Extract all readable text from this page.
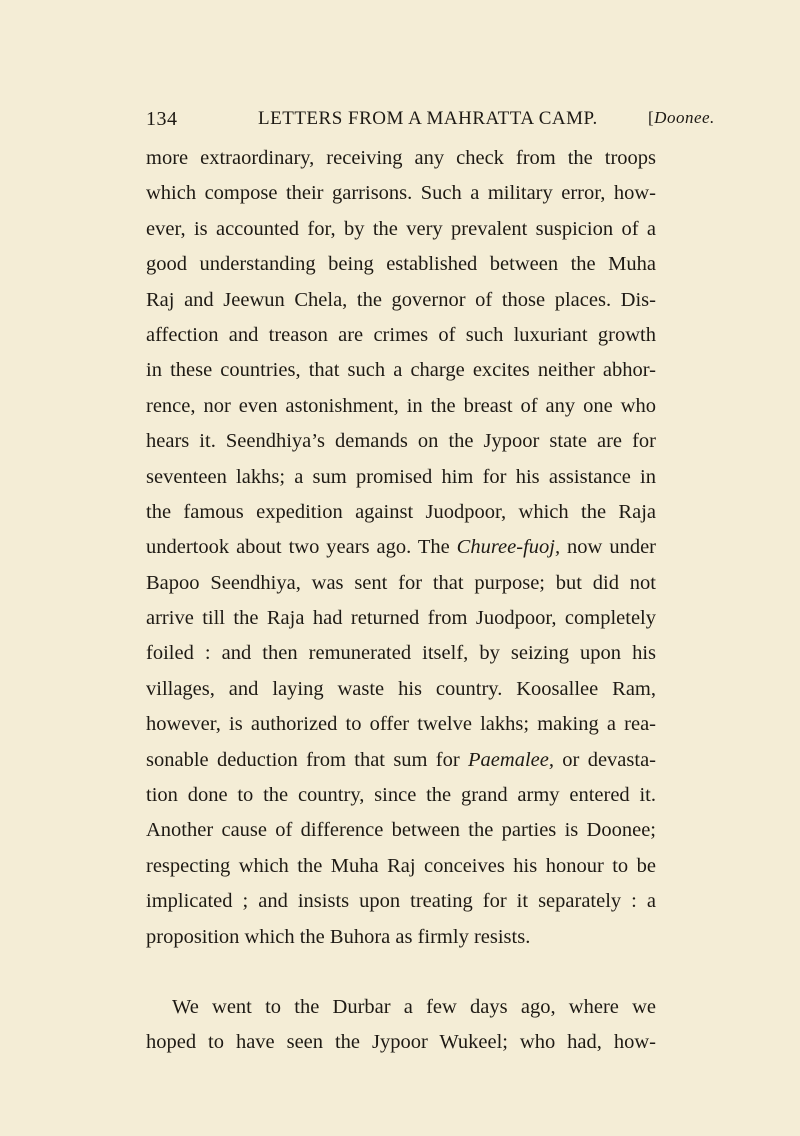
134	LETTERS FROM A MAHRATTA CAMP.	[Doonee.
more extraordinary, receiving any check from the troops
which compose their garrisons. Such a military error, how-
ever, is accounted for, by the very prevalent suspicion of a
good understanding being established between the Muha
Raj and Jeewun Chela, the governor of those places. Dis-
affection and treason are crimes of such luxuriant growth
in these countries, that such a charge excites neither abhor-
rence, nor even astonishment, in the breast of any one who
hears it. Seendhiya’s demands on the Jypoor state are for
seventeen lakhs; a sum promised him for his assistance in
the famous expedition against Juodpoor, which the Raja
undertook about two years ago. The Churee-fuoj, now under
Bapoo Seendhiya, was sent for that purpose; but did not
arrive till the Raja had returned from Juodpoor, completely
foiled : and then remunerated itself, by seizing upon his
villages, and laying waste his country. Koosallee Ram,
however, is authorized to offer twelve lakhs; making a rea-
sonable deduction from that sum for Paemalee, or devasta-
tion done to the country, since the grand army entered it.
Another cause of difference between the parties is Doonee;
respecting which the Muha Raj conceives his honour to be
implicated ; and insists upon treating for it separately : a
proposition which the Buhora as firmly resists.
We went to the Durbar a few days ago, where we
hoped to have seen the Jypoor Wukeel; who had, how-
